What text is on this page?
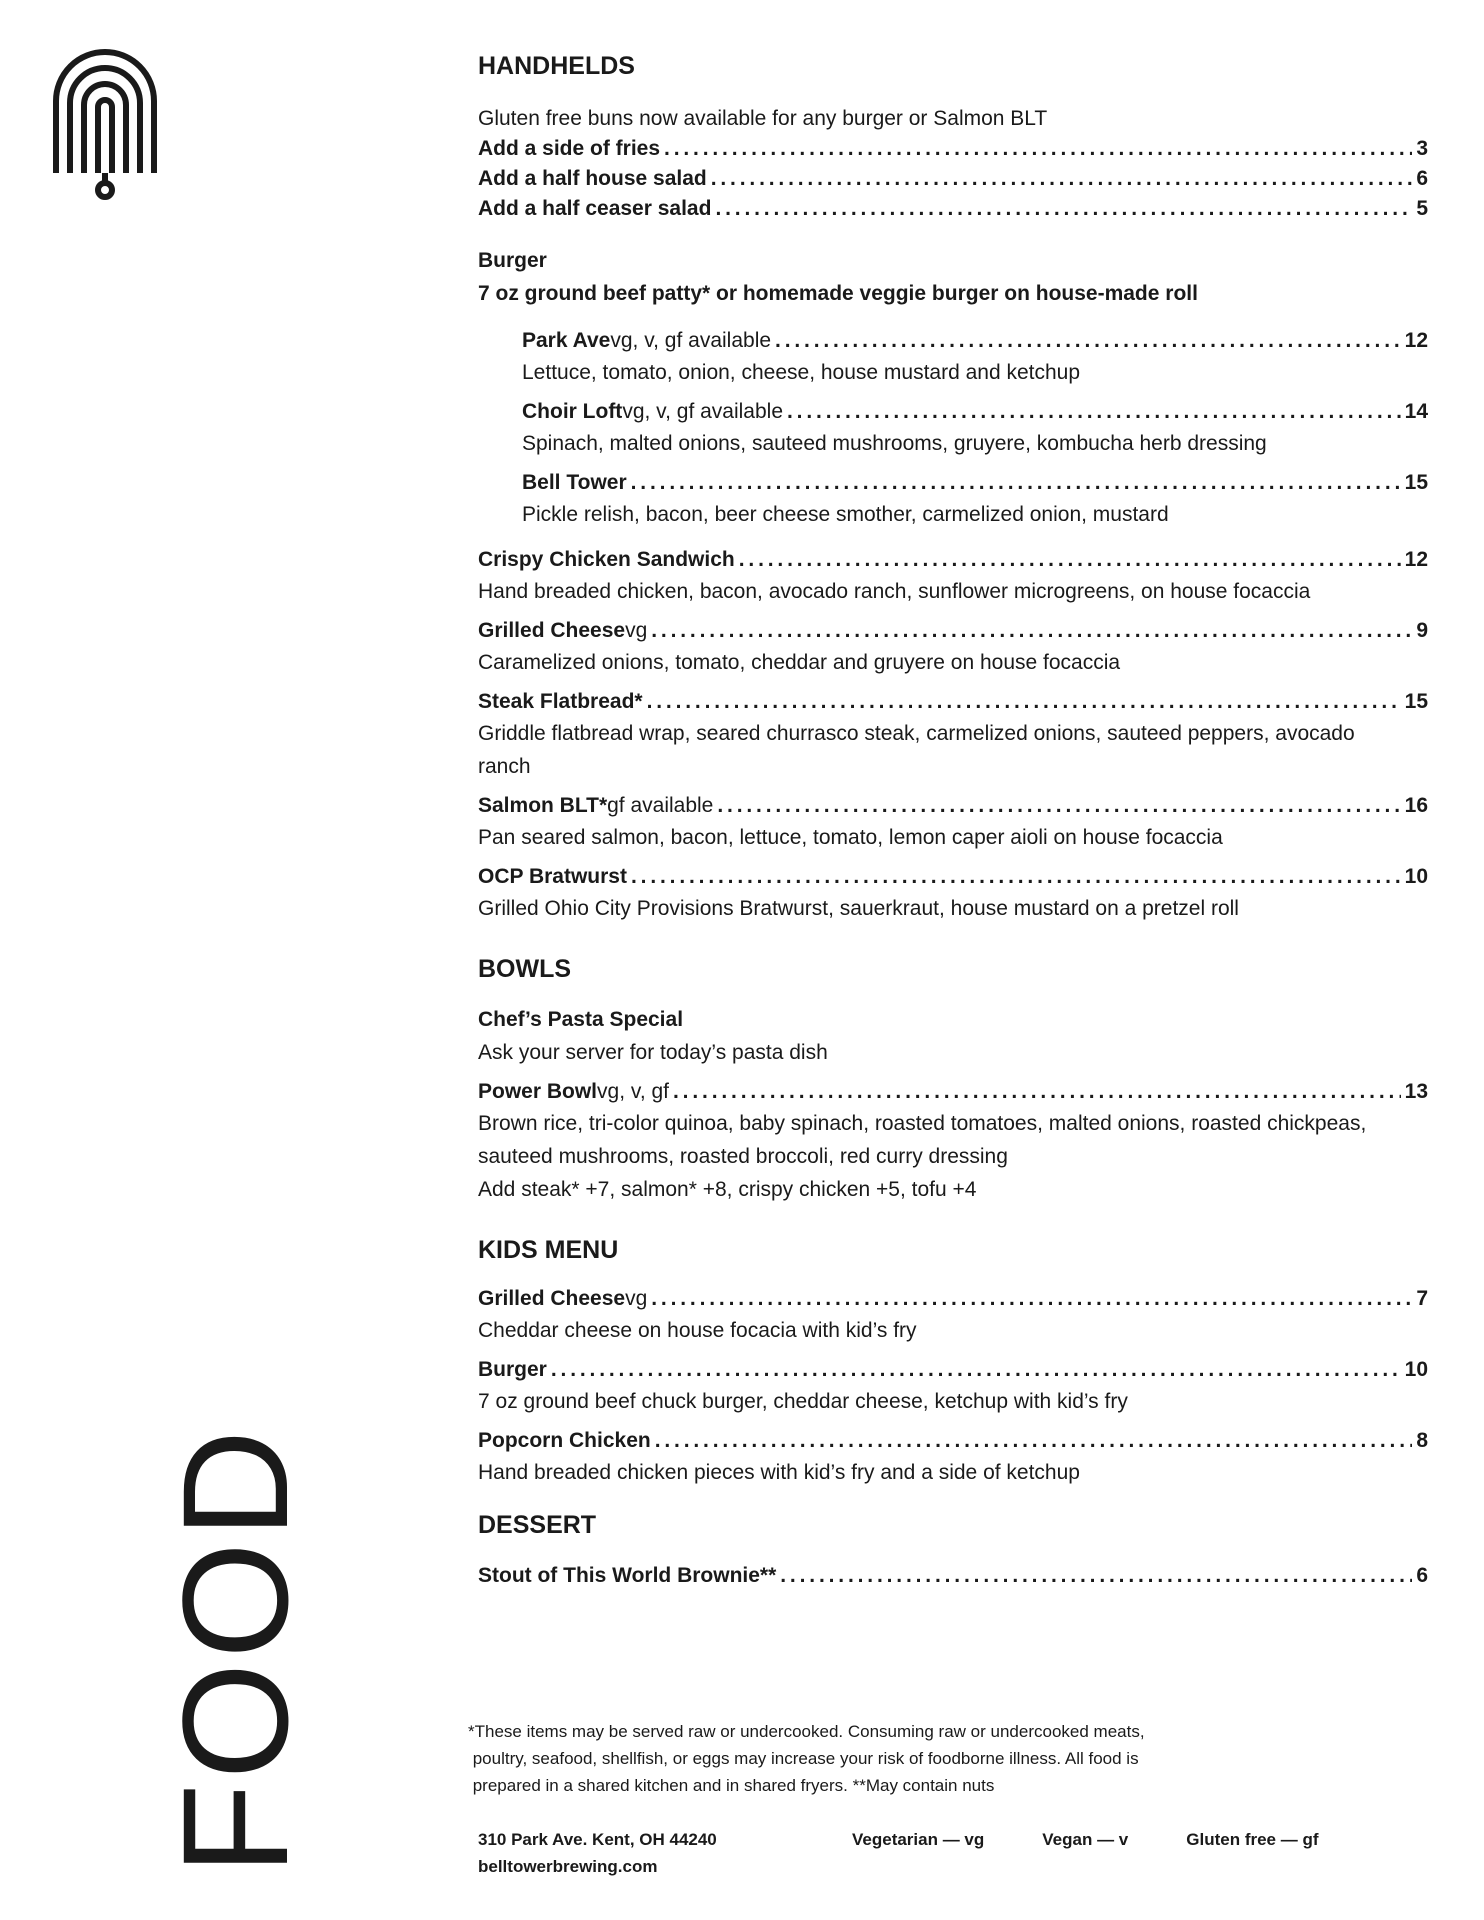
FOOD
HANDHELDS

Gluten free buns now available for any burger or Salmon BLT

Add a side of fries . . .	3
Add a half house salad . . .	6
Add a half ceaser salad . . .	5

Burger

7 oz ground beef patty* or homemade veggie burger on house-made roll

Park Ave vg, v, gf available . . .	12

Lettuce, tomato, onion, cheese, house mustard and ketchup

Choir Loft vg, v, gf available . . .	14

Spinach, malted onions, sauteed mushrooms, gruyere, kombucha herb dressing

Bell Tower . . .	15

Pickle relish, bacon, beer cheese smother, carmelized onion, mustard

Crispy Chicken Sandwich . . .	12

Hand breaded chicken, bacon, avocado ranch, sunflower microgreens, on house focaccia

Grilled Cheese vg . . .	9

Caramelized onions, tomato, cheddar and gruyere on house focaccia

Steak Flatbread* . . .	15

Griddle flatbread wrap, seared churrasco steak, carmelized onions, sauteed peppers, avocado ranch

Salmon BLT* gf available . . .	16

Pan seared salmon, bacon, lettuce, tomato, lemon caper aioli on house focaccia

OCP Bratwurst . . .	10

Grilled Ohio City Provisions Bratwurst, sauerkraut, house mustard on a pretzel roll

BOWLS

Chef’s Pasta Special

Ask your server for today’s pasta dish

Power Bowl vg, v, gf . . .	13

Brown rice, tri-color quinoa, baby spinach, roasted tomatoes, malted onions, roasted chickpeas, sauteed mushrooms, roasted broccoli, red curry dressing

Add steak* +7, salmon* +8, crispy chicken +5, tofu +4

KIDS MENU
Grilled Cheese vg . . .	7

Cheddar cheese on house focacia with kid’s fry

Burger . . .	10

7 oz ground beef chuck burger, cheddar cheese, ketchup with kid’s fry

Popcorn Chicken . . .	8

Hand breaded chicken pieces with kid’s fry and a side of ketchup

DESSERT
Stout of This World Brownie** . . .	6

*These items may be served raw or undercooked. Consuming raw or undercooked meats,

poultry, seafood, shellfish, or eggs may increase your risk of foodborne illness. All food is

prepared in a shared kitchen and in shared fryers. **May contain nuts

310 Park Ave. Kent, OH 44240

belltowerbrewing.com

Vegetarian — vg	Vegan — v	Gluten free — gf
